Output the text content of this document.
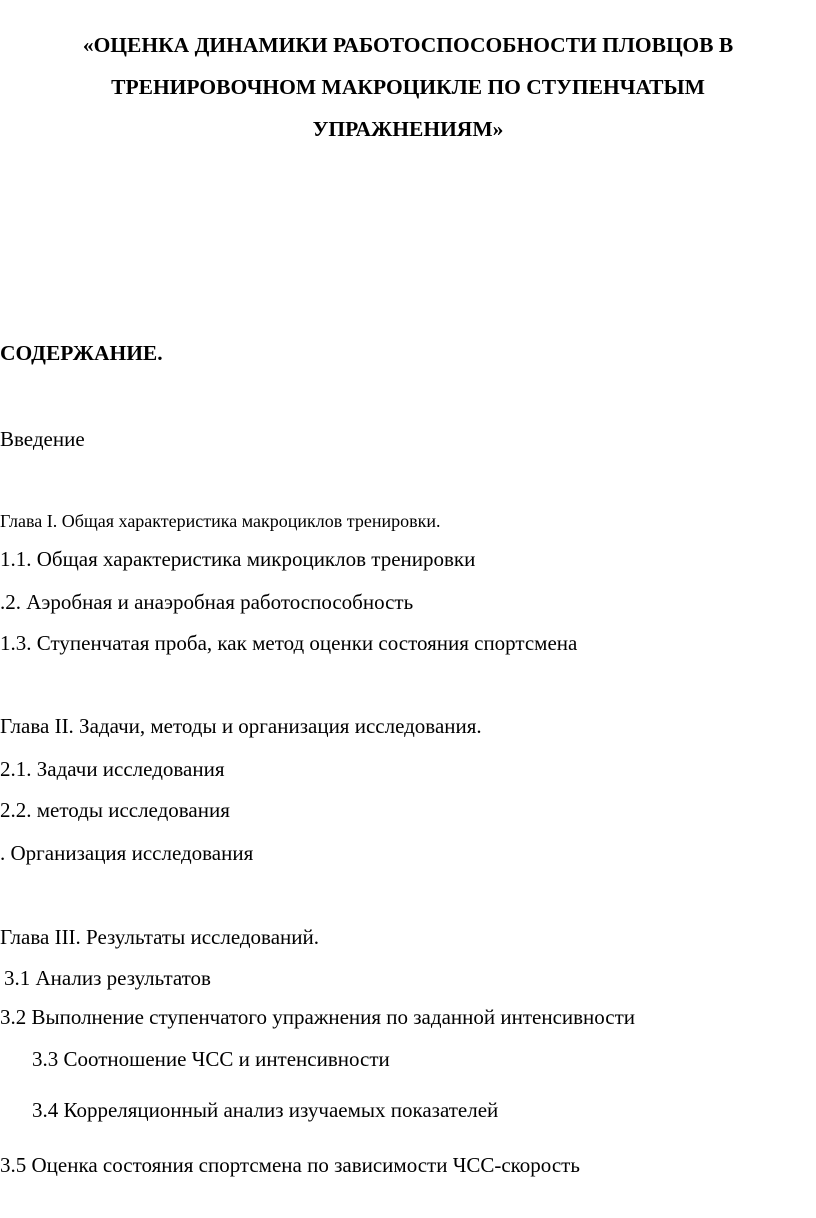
«ОЦЕНКА ДИНАМИКИ РАБОТОСПОСОБНОСТИ ПЛОВЦОВ В
ТРЕНИРОВОЧНОМ МАКРОЦИКЛЕ ПО СТУПЕНЧАТЫМ
УПРАЖНЕНИЯМ»
СОДЕРЖАНИЕ.
Введение
Глава I. Общая характеристика макроциклов тренировки.
1.1. Общая характеристика микроциклов тренировки
.2. Аэробная и анаэробная работоспособность
1.3. Ступенчатая проба, как метод оценки состояния спортсмена
Глава II. Задачи, методы и организация исследования.
2.1. Задачи исследования
2.2. методы исследования
. Организация исследования
Глава III. Результаты исследований.
3.1 Анализ результатов
3.2 Выполнение ступенчатого упражнения по заданной интенсивности
3.3 Соотношение ЧСС и интенсивности
3.4 Корреляционный анализ изучаемых показателей
3.5 Оценка состояния спортсмена по зависимости ЧСС-скорость
